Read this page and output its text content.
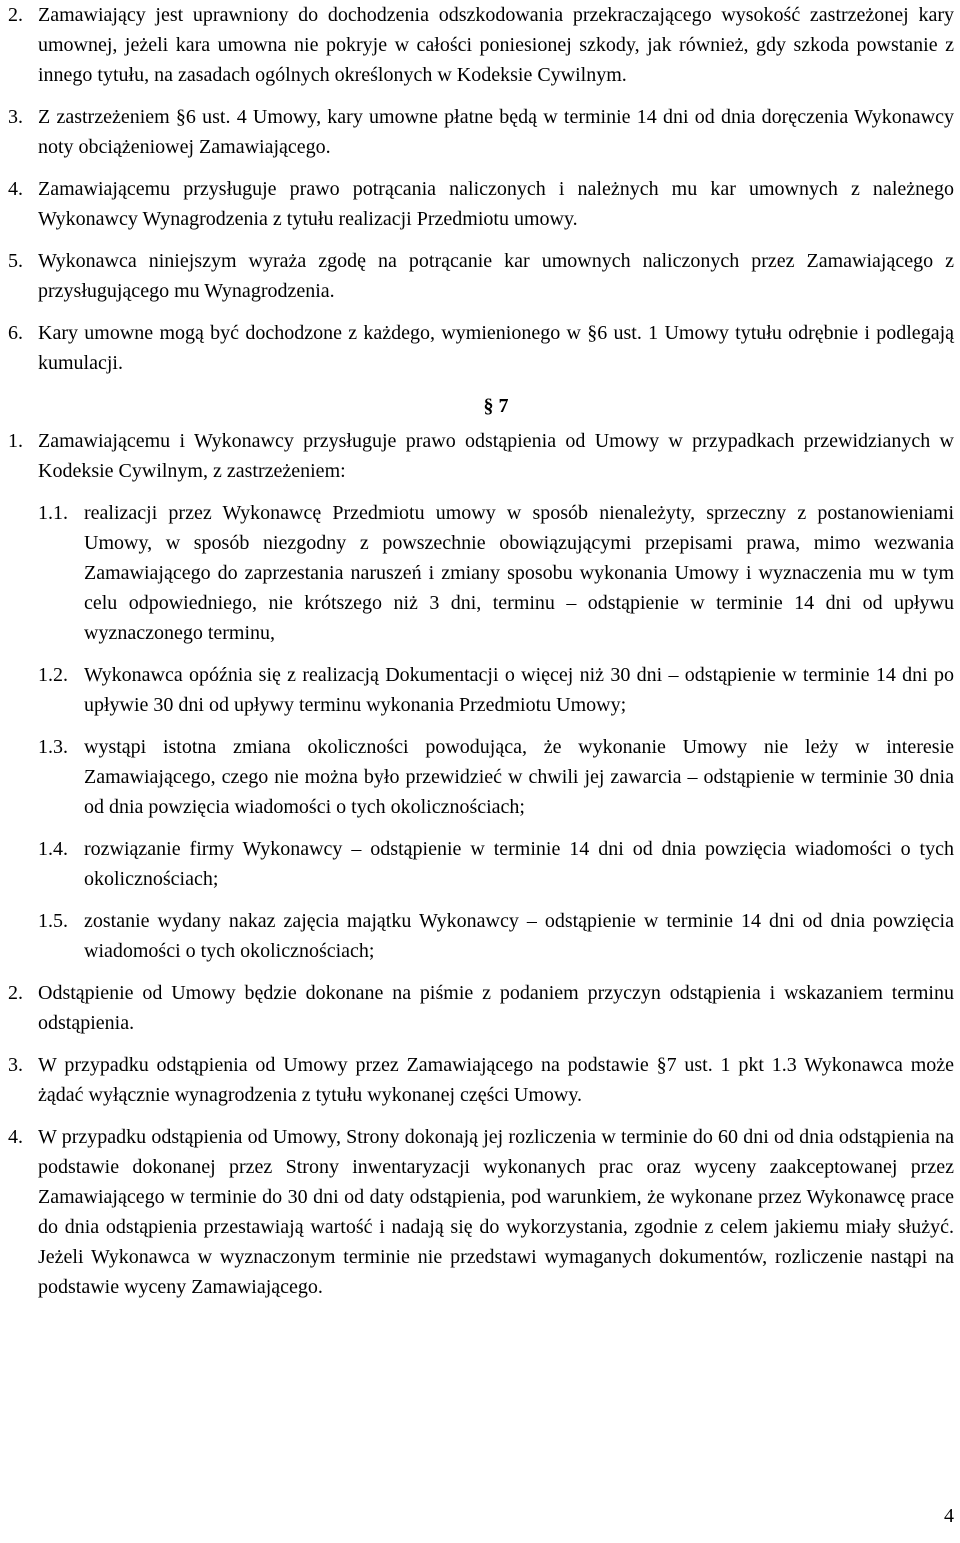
2. Zamawiający jest uprawniony do dochodzenia odszkodowania przekraczającego wysokość zastrzeżonej kary umownej, jeżeli kara umowna nie pokryje w całości poniesionej szkody, jak również, gdy szkoda powstanie z innego tytułu, na zasadach ogólnych określonych w Kodeksie Cywilnym.
3. Z zastrzeżeniem §6 ust. 4 Umowy, kary umowne płatne będą w terminie 14 dni od dnia doręczenia Wykonawcy noty obciążeniowej Zamawiającego.
4. Zamawiającemu przysługuje prawo potrącania naliczonych i należnych mu kar umownych z należnego Wykonawcy Wynagrodzenia z tytułu realizacji Przedmiotu umowy.
5. Wykonawca niniejszym wyraża zgodę na potrącanie kar umownych naliczonych przez Zamawiającego z przysługującego mu Wynagrodzenia.
6. Kary umowne mogą być dochodzone z każdego, wymienionego w §6 ust. 1 Umowy tytułu odrębnie i podlegają kumulacji.
§ 7
1. Zamawiającemu i Wykonawcy przysługuje prawo odstąpienia od Umowy w przypadkach przewidzianych w Kodeksie Cywilnym, z zastrzeżeniem:
1.1. realizacji przez Wykonawcę Przedmiotu umowy w sposób nienależyty, sprzeczny z postanowieniami Umowy, w sposób niezgodny z powszechnie obowiązującymi przepisami prawa, mimo wezwania Zamawiającego do zaprzestania naruszeń i zmiany sposobu wykonania Umowy i wyznaczenia mu w tym celu odpowiedniego, nie krótszego niż 3 dni, terminu – odstąpienie w terminie 14 dni od upływu wyznaczonego terminu,
1.2. Wykonawca opóźnia się z realizacją Dokumentacji o więcej niż 30 dni – odstąpienie w terminie 14 dni po upływie 30 dni od upływy terminu wykonania Przedmiotu Umowy;
1.3. wystąpi istotna zmiana okoliczności powodująca, że wykonanie Umowy nie leży w interesie Zamawiającego, czego nie można było przewidzieć w chwili jej zawarcia – odstąpienie w terminie 30 dnia od dnia powzięcia wiadomości o tych okolicznościach;
1.4. rozwiązanie firmy Wykonawcy – odstąpienie w terminie 14 dni od dnia powzięcia wiadomości o tych okolicznościach;
1.5. zostanie wydany nakaz zajęcia majątku Wykonawcy – odstąpienie w terminie 14 dni od dnia powzięcia wiadomości o tych okolicznościach;
2. Odstąpienie od Umowy będzie dokonane na piśmie z podaniem przyczyn odstąpienia i wskazaniem terminu odstąpienia.
3. W przypadku odstąpienia od Umowy przez Zamawiającego na podstawie §7 ust. 1 pkt 1.3 Wykonawca może żądać wyłącznie wynagrodzenia z tytułu wykonanej części Umowy.
4. W przypadku odstąpienia od Umowy, Strony dokonają jej rozliczenia w terminie do 60 dni od dnia odstąpienia na podstawie dokonanej przez Strony inwentaryzacji wykonanych prac oraz wyceny zaakceptowanej przez Zamawiającego w terminie do 30 dni od daty odstąpienia, pod warunkiem, że wykonane przez Wykonawcę prace do dnia odstąpienia przestawiają wartość i nadają się do wykorzystania, zgodnie z celem jakiemu miały służyć. Jeżeli Wykonawca w wyznaczonym terminie nie przedstawi wymaganych dokumentów, rozliczenie nastąpi na podstawie wyceny Zamawiającego.
4
